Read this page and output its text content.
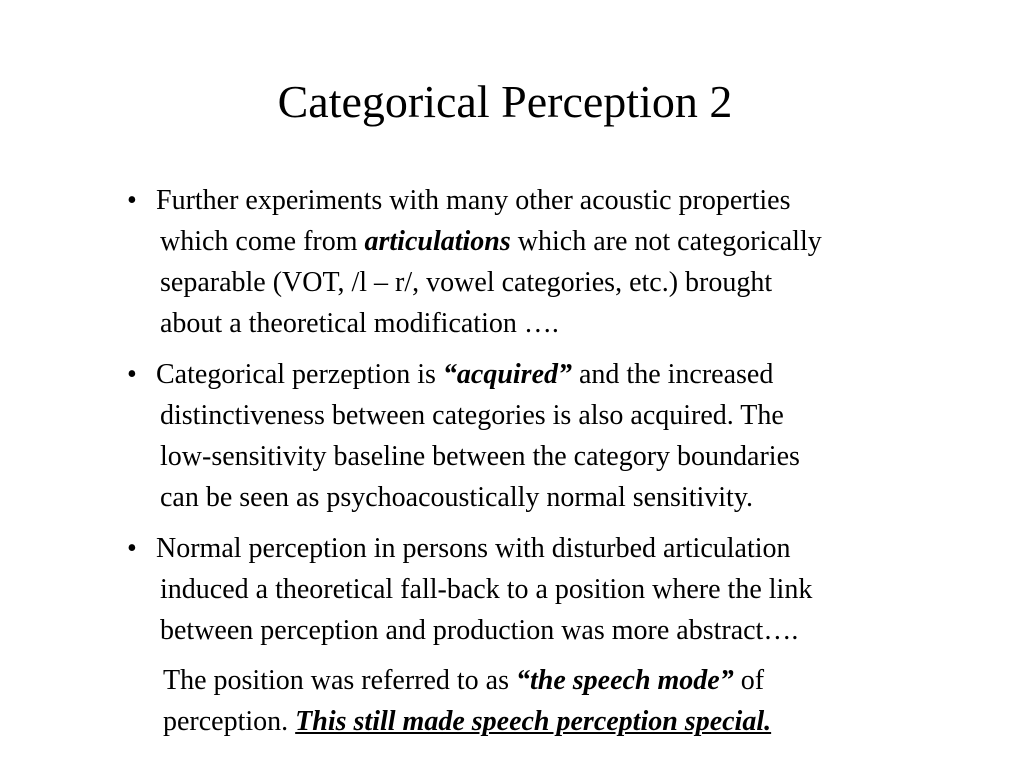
Categorical Perception 2

• Further experiments with many other acoustic properties
which come from articulations which are not categorically
separable (VOT, /l – r/, vowel categories, etc.) brought
about a theoretical modification ….

• Categorical perzeption is “acquired” and the increased
distinctiveness between categories is also acquired. The
low-sensitivity baseline between the category boundaries
can be seen as psychoacoustically normal sensitivity.

• Normal perception in persons with disturbed articulation
induced a theoretical fall-back to a position where the link
between perception and production was more abstract….

The position was referred to as “the speech mode” of
perception. This still made speech perception special.
